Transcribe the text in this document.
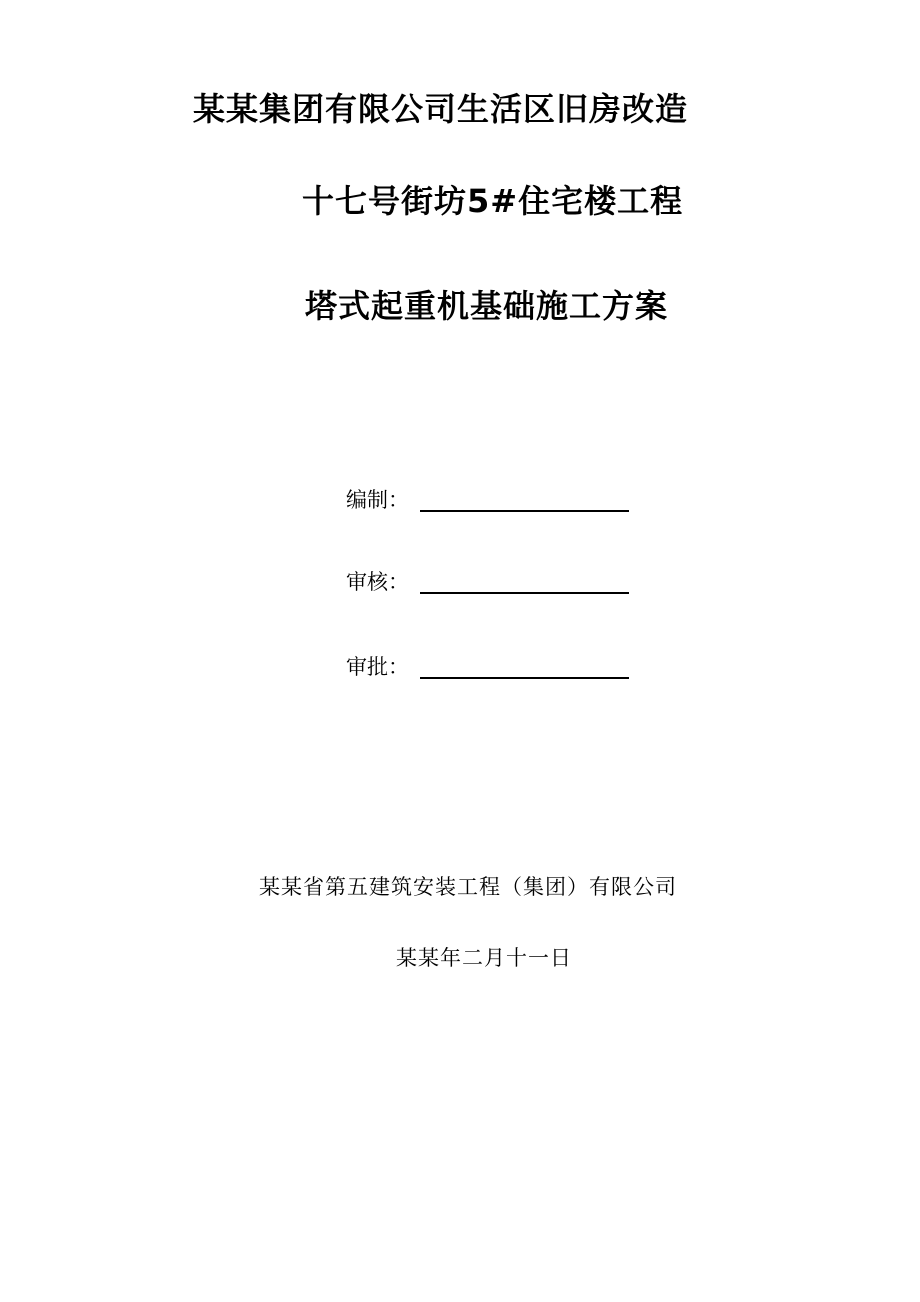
某某集团有限公司生活区旧房改造
十七号街坊5#住宅楼工程
塔式起重机基础施工方案
编制：
审核：
审批：
某某省第五建筑安装工程（集团）有限公司
某某年二月十一日
